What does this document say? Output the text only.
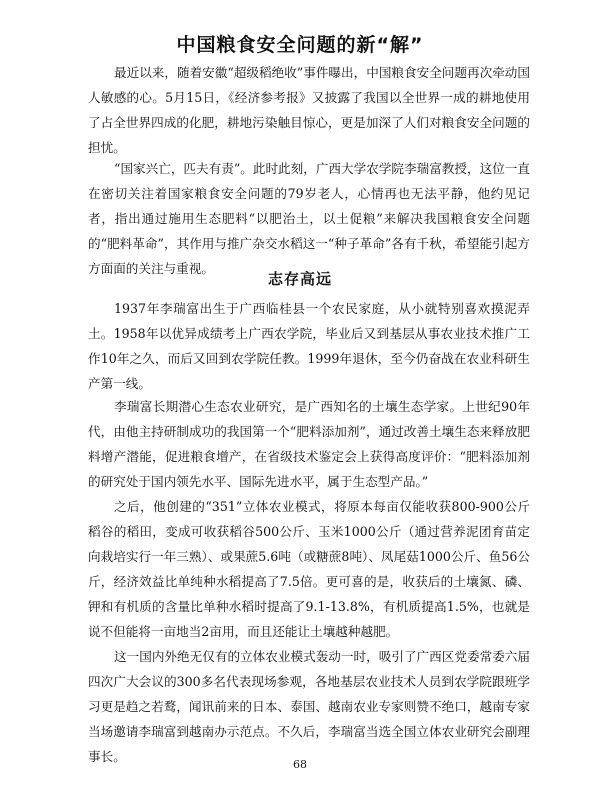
中国粮食安全问题的新“解”

最近以来，随着安徽“超级稻绝收”事件曝出，中国粮食安全问题再次牵动国人敏感的心。5月15日，《经济参考报》又披露了我国以全世界一成的耕地使用了占全世界四成的化肥，耕地污染触目惊心，更是加深了人们对粮食安全问题的担忧。

“国家兴亡，匹夫有责”。此时此刻，广西大学农学院李瑞富教授，这位一直在密切关注着国家粮食安全问题的79岁老人，心情再也无法平静，他约见记者，指出通过施用生态肥料“以肥治土，以土促粮”来解决我国粮食安全问题的“肥料革命”，其作用与推广杂交水稻这一“种子革命”各有千秋，希望能引起方方面面的关注与重视。

志存高远

1937年李瑞富出生于广西临桂县一个农民家庭，从小就特别喜欢摸泥弄土。1958年以优异成绩考上广西农学院，毕业后又到基层从事农业技术推广工作10年之久，而后又回到农学院任教。1999年退休，至今仍奋战在农业科研生产第一线。

李瑞富长期潜心生态农业研究，是广西知名的土壤生态学家。上世纪90年代，由他主持研制成功的我国第一个“肥料添加剂”，通过改善土壤生态来释放肥料增产潜能，促进粮食增产，在省级技术鉴定会上获得高度评价：“肥料添加剂的研究处于国内领先水平、国际先进水平，属于生态型产品。”

之后，他创建的“351”立体农业模式，将原本每亩仅能收获800-900公斤稻谷的稻田，变成可收获稻谷500公斤、玉米1000公斤（通过营养泥团育苗定向栽培实行一年三熟）、或果蔗5.6吨（或糖蔗8吨）、凤尾菇1000公斤、鱼56公斤，经济效益比单纯种水稻提高了7.5倍。更可喜的是，收获后的土壤氮、磷、钾和有机质的含量比单种水稻时提高了9.1-13.8%，有机质提高1.5%，也就是说不但能将一亩地当2亩用，而且还能让土壤越种越肥。

这一国内外绝无仅有的立体农业模式轰动一时，吸引了广西区党委常委六届四次广大会议的300多名代表现场参观，各地基层农业技术人员到农学院跟班学习更是趋之若鹜，闻讯前来的日本、泰国、越南农业专家则赞不绝口，越南专家当场邀请李瑞富到越南办示范点。不久后，李瑞富当选全国立体农业研究会副理事长。

68
